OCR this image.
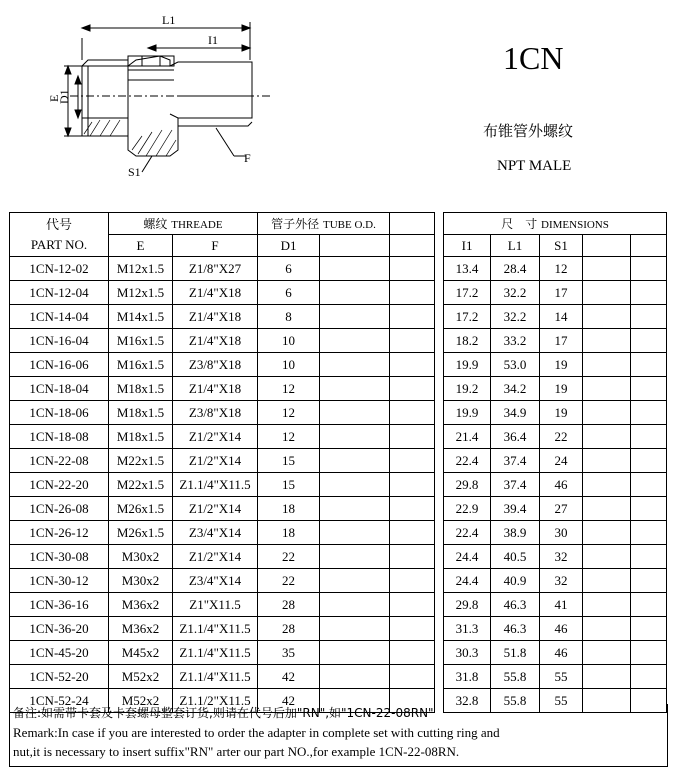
L1
I1
E
D1
S1
F
1CN
布锥管外螺纹
NPT MALE
代号	螺纹 THREADE		管子外径 TUBE O.D.				尺　寸 DIMENSIONS				
PART NO.	E	F	D1				I1	L1	S1		
1CN-12-02	M12x1.5	Z1/8"X27	6				13.4	28.4	12		
1CN-12-04	M12x1.5	Z1/4"X18	6				17.2	32.2	17		
1CN-14-04	M14x1.5	Z1/4"X18	8				17.2	32.2	14		
1CN-16-04	M16x1.5	Z1/4"X18	10				18.2	33.2	17		
1CN-16-06	M16x1.5	Z3/8"X18	10				19.9	53.0	19		
1CN-18-04	M18x1.5	Z1/4"X18	12				19.2	34.2	19		
1CN-18-06	M18x1.5	Z3/8"X18	12				19.9	34.9	19		
1CN-18-08	M18x1.5	Z1/2"X14	12				21.4	36.4	22		
1CN-22-08	M22x1.5	Z1/2"X14	15				22.4	37.4	24		
1CN-22-20	M22x1.5	Z1.1/4"X11.5	15				29.8	37.4	46		
1CN-26-08	M26x1.5	Z1/2"X14	18				22.9	39.4	27		
1CN-26-12	M26x1.5	Z3/4"X14	18				22.4	38.9	30		
1CN-30-08	M30x2	Z1/2"X14	22				24.4	40.5	32		
1CN-30-12	M30x2	Z3/4"X14	22				24.4	40.9	32		
1CN-36-16	M36x2	Z1"X11.5	28				29.8	46.3	41		
1CN-36-20	M36x2	Z1.1/4"X11.5	28				31.3	46.3	46		
1CN-45-20	M45x2	Z1.1/4"X11.5	35				30.3	51.8	46		
1CN-52-20	M52x2	Z1.1/4"X11.5	42				31.8	55.8	55		
1CN-52-24	M52x2	Z1.1/2"X11.5	42				32.8	55.8	55		
备注:如需带卡套及卡套螺母整套订货,则请在代号后加"RN",如"1CN-22-08RN"
Remark:In case if you are interested to order the adapter in complete set with cutting ring and
nut,it is necessary to insert suffix"RN" arter our part NO.,for example 1CN-22-08RN.
